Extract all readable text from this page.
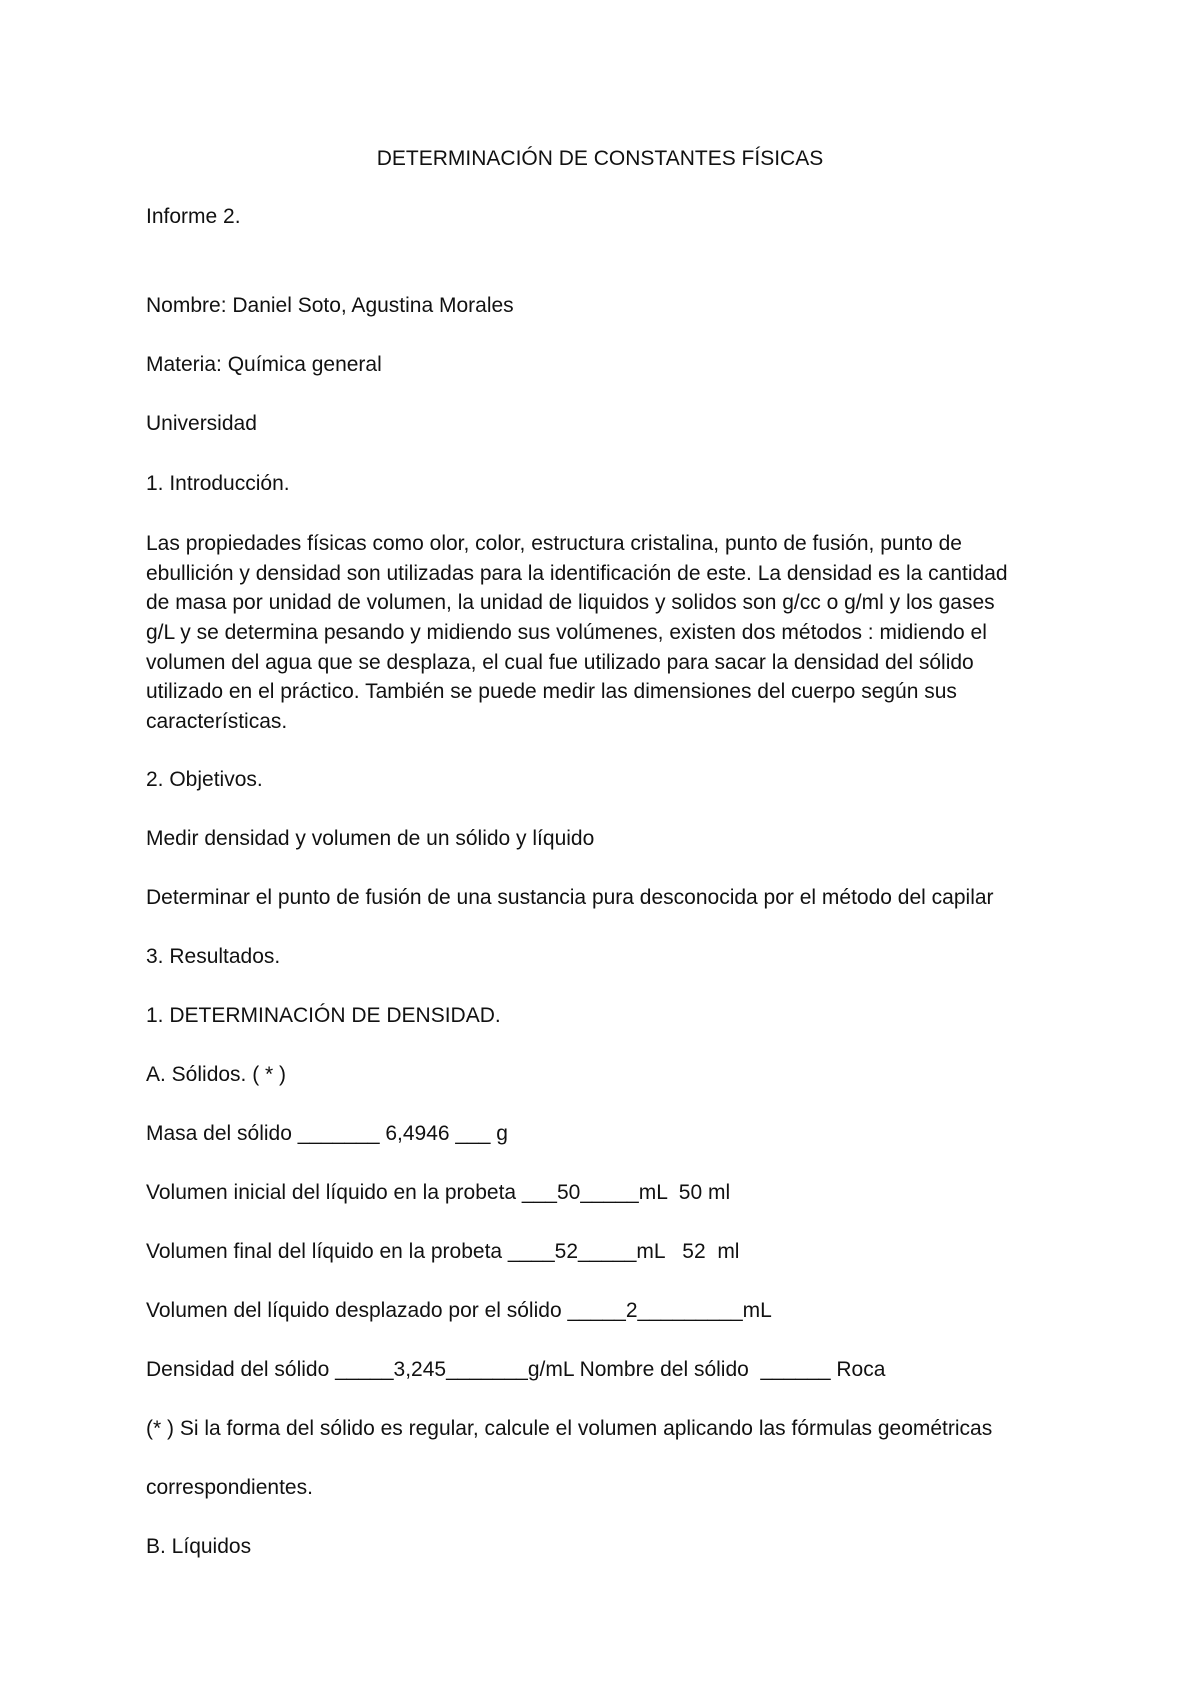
DETERMINACIÓN DE CONSTANTES FÍSICAS
Informe 2.
Nombre: Daniel Soto, Agustina Morales
Materia: Química general
Universidad
1. Introducción.
Las propiedades físicas como olor, color, estructura cristalina, punto de fusión, punto de
ebullición y densidad son utilizadas para la identificación de este. La densidad es la cantidad
de masa por unidad de volumen, la unidad de liquidos y solidos son g/cc o g/ml y los gases
g/L y se determina pesando y midiendo sus volúmenes, existen dos métodos : midiendo el
volumen del agua que se desplaza, el cual fue utilizado para sacar la densidad del sólido
utilizado en el práctico. También se puede medir las dimensiones del cuerpo según sus
características.
2. Objetivos.
Medir densidad y volumen de un sólido y líquido
Determinar el punto de fusión de una sustancia pura desconocida por el método del capilar
3. Resultados.
1. DETERMINACIÓN DE DENSIDAD.
A. Sólidos. ( * )
Masa del sólido _______ 6,4946 ___ g
Volumen inicial del líquido en la probeta ___50_____mL  50 ml
Volumen final del líquido en la probeta ____52_____mL   52  ml
Volumen del líquido desplazado por el sólido _____2_________mL
Densidad del sólido _____3,245_______g/mL Nombre del sólido  ______ Roca
(* ) Si la forma del sólido es regular, calcule el volumen aplicando las fórmulas geométricas
correspondientes.
B. Líquidos
